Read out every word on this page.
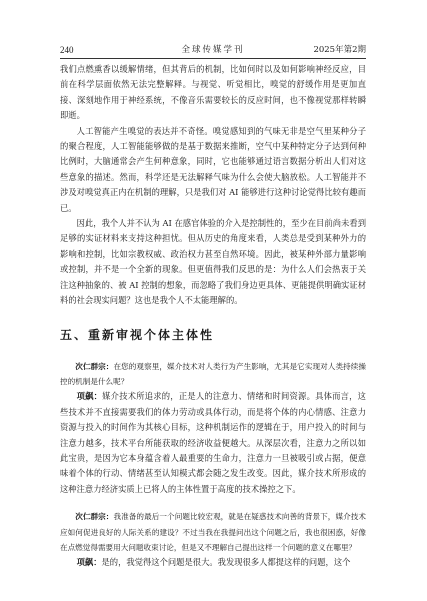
240	全球传媒学刊	2025年第2期

我们点燃熏香以缓解情绪，但其背后的机制，比如何时以及如何影响神经反应，目前在科学层面依然无法完整解释。与视觉、听觉相比，嗅觉的舒缓作用是更加直接、深刻地作用于神经系统，不像音乐需要较长的反应时间，也不像视觉那样转瞬即逝。

人工智能产生嗅觉的表达并不奇怪。嗅觉感知到的气味无非是空气里某种分子的聚合程度，人工智能能够做的是基于数据来推断，空气中某种特定分子达到何种比例时，大脑通常会产生何种意象，同时，它也能够通过语言数据分析出人们对这些意象的描述。然而，科学还是无法解释气味为什么会使大脑放松。人工智能并不涉及对嗅觉真正内在机制的理解，只是我们对 AI 能够进行这种讨论觉得比较有趣而已。

因此，我个人并不认为 AI 在感官体验的介入是控制性的，至少在目前尚未看到足够的实证材料来支持这种担忧。但从历史的角度来看，人类总是受到某种外力的影响和控制，比如宗教权威、政治权力甚至自然环境。因此，被某种外部力量影响或控制，并不是一个全新的现象。但更值得我们反思的是：为什么人们会热衷于关注这种抽象的、被 AI 控制的想象，而忽略了我们身边更具体、更能提供明确实证材料的社会现实问题？这也是我个人不太能理解的。

五、重新审视个体主体性

次仁群宗：在您的观察里，媒介技术对人类行为产生影响，尤其是它实现对人类持续操控的机制是什么呢？

项飙：媒介技术所追求的，正是人的注意力、情绪和时间资源。具体而言，这些技术并不直接需要我们的体力劳动或具体行动，而是将个体的内心情感、注意力资源与投入的时间作为其核心目标，这种机制运作的逻辑在于，用户投入的时间与注意力越多，技术平台所能获取的经济收益便越大。从深层次看，注意力之所以如此宝贵，是因为它本身蕴含着人最重要的生命力，注意力一旦被吸引或占据，便意味着个体的行动、情绪甚至认知模式都会随之发生改变。因此，媒介技术所形成的这种注意力经济实质上已将人的主体性置于高度的技术操控之下。

次仁群宗：我准备的最后一个问题比较宏观，就是在疑惑技术向善的背景下，媒介技术应如何促进良好的人际关系的建设？不过当我在我提问出这个问题之后，我也很困惑，好像在点燃觉得需要用大问题收束讨论，但是又不理解自己提出这样一个问题的意义在哪里？

项飙：是的，我觉得这个问题是很大。我发现很多人都提这样的问题，这个
